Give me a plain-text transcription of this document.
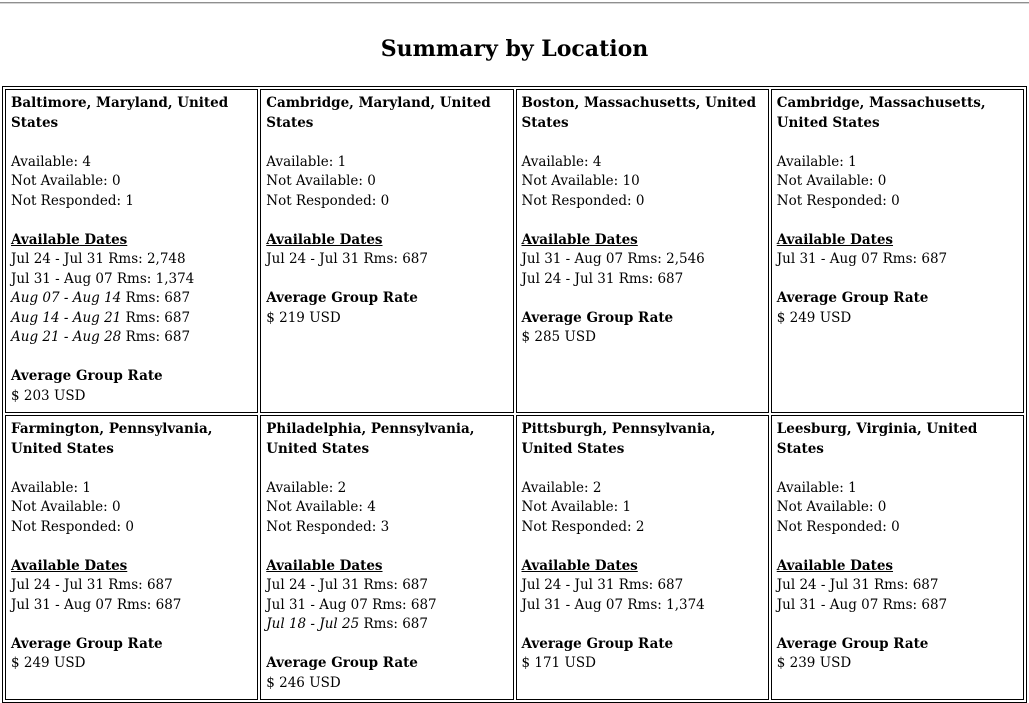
Summary by Location
Baltimore, Maryland, United States
Available: 4
Not Available: 0
Not Responded: 1
Available Dates
Jul 24 - Jul 31 Rms: 2,748
Jul 31 - Aug 07 Rms: 1,374
Aug 07 - Aug 14 Rms: 687
Aug 14 - Aug 21 Rms: 687
Aug 21 - Aug 28 Rms: 687
Average Group Rate
$ 203 USD

Cambridge, Maryland, United States
Available: 1
Not Available: 0
Not Responded: 0
Available Dates
Jul 24 - Jul 31 Rms: 687
Average Group Rate
$ 219 USD

Boston, Massachusetts, United States
Available: 4
Not Available: 10
Not Responded: 0
Available Dates
Jul 31 - Aug 07 Rms: 2,546
Jul 24 - Jul 31 Rms: 687
Average Group Rate
$ 285 USD

Cambridge, Massachusetts, United States
Available: 1
Not Available: 0
Not Responded: 0
Available Dates
Jul 31 - Aug 07 Rms: 687
Average Group Rate
$ 249 USD

Farmington, Pennsylvania, United States
Available: 1
Not Available: 0
Not Responded: 0
Available Dates
Jul 24 - Jul 31 Rms: 687
Jul 31 - Aug 07 Rms: 687
Average Group Rate
$ 249 USD

Philadelphia, Pennsylvania, United States
Available: 2
Not Available: 4
Not Responded: 3
Available Dates
Jul 24 - Jul 31 Rms: 687
Jul 31 - Aug 07 Rms: 687
Jul 18 - Jul 25 Rms: 687
Average Group Rate
$ 246 USD

Pittsburgh, Pennsylvania, United States
Available: 2
Not Available: 1
Not Responded: 2
Available Dates
Jul 24 - Jul 31 Rms: 687
Jul 31 - Aug 07 Rms: 1,374
Average Group Rate
$ 171 USD

Leesburg, Virginia, United States
Available: 1
Not Available: 0
Not Responded: 0
Available Dates
Jul 24 - Jul 31 Rms: 687
Jul 31 - Aug 07 Rms: 687
Average Group Rate
$ 239 USD
